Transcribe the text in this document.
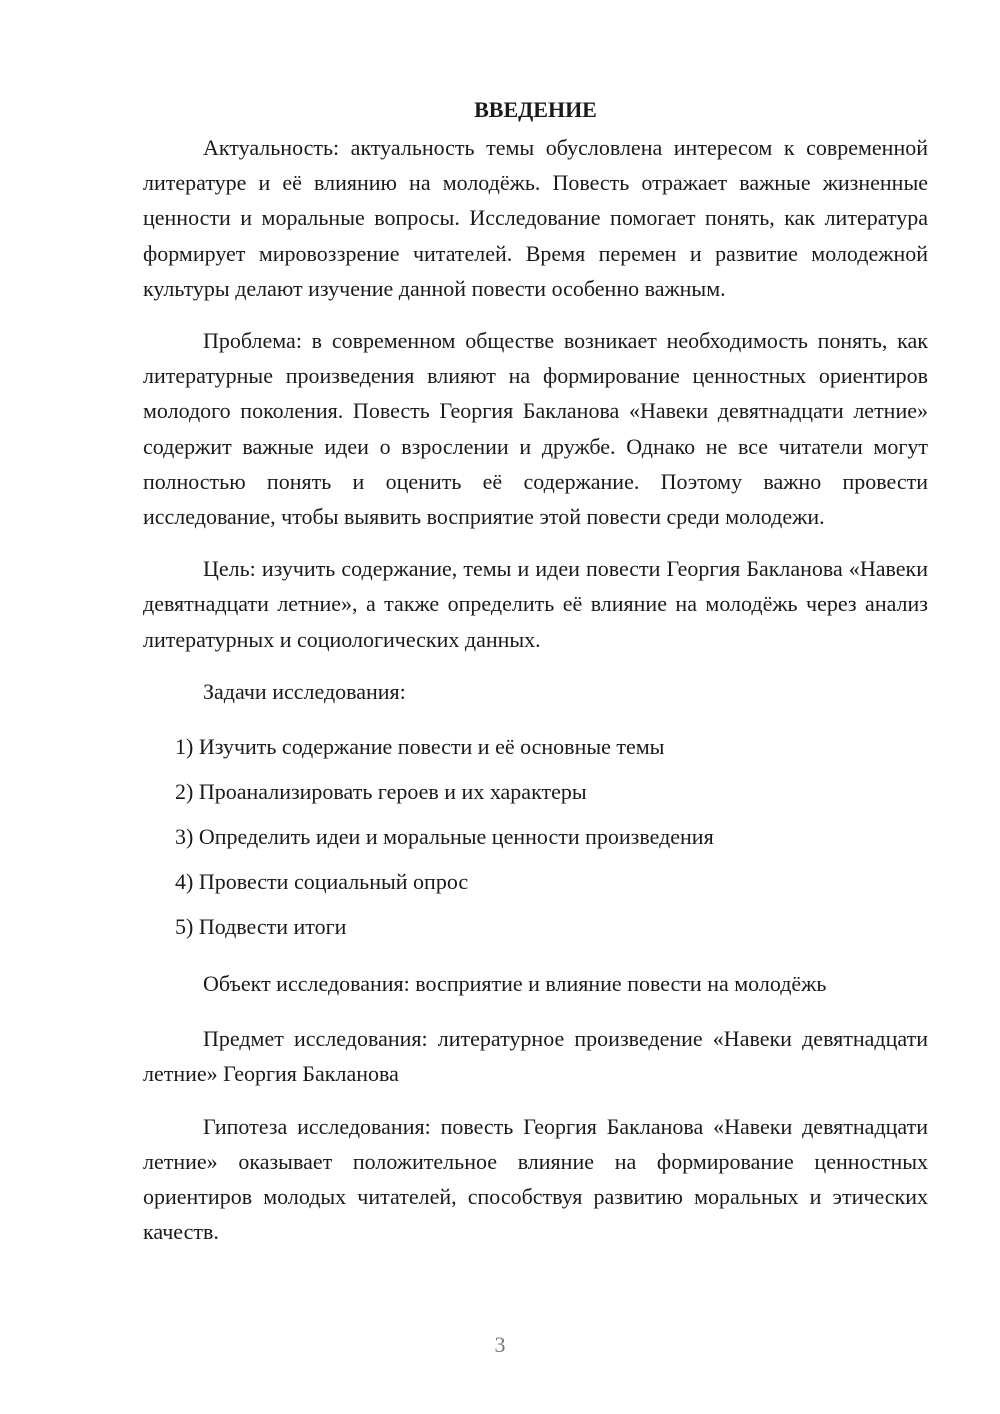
ВВЕДЕНИЕ

Актуальность: актуальность темы обусловлена интересом к современной литературе и её влиянию на молодёжь. Повесть отражает важные жизненные ценности и моральные вопросы. Исследование помогает понять, как литература формирует мировоззрение читателей. Время перемен и развитие молодежной культуры делают изучение данной повести особенно важным.

Проблема: в современном обществе возникает необходимость понять, как литературные произведения влияют на формирование ценностных ориентиров молодого поколения. Повесть Георгия Бакланова «Навеки девятнадцати летние» содержит важные идеи о взрослении и дружбе. Однако не все читатели могут полностью понять и оценить её содержание. Поэтому важно провести исследование, чтобы выявить восприятие этой повести среди молодежи.

Цель: изучить содержание, темы и идеи повести Георгия Бакланова «Навеки девятнадцати летние», а также определить её влияние на молодёжь через анализ литературных и социологических данных.

Задачи исследования:

1) Изучить содержание повести и её основные темы
2) Проанализировать героев и их характеры
3) Определить идеи и моральные ценности произведения
4) Провести социальный опрос
5) Подвести итоги

Объект исследования: восприятие и влияние повести на молодёжь

Предмет исследования: литературное произведение «Навеки девятнадцати летние» Георгия Бакланова

Гипотеза исследования: повесть Георгия Бакланова «Навеки девятнадцати летние» оказывает положительное влияние на формирование ценностных ориентиров молодых читателей, способствуя развитию моральных и этических качеств.

3
